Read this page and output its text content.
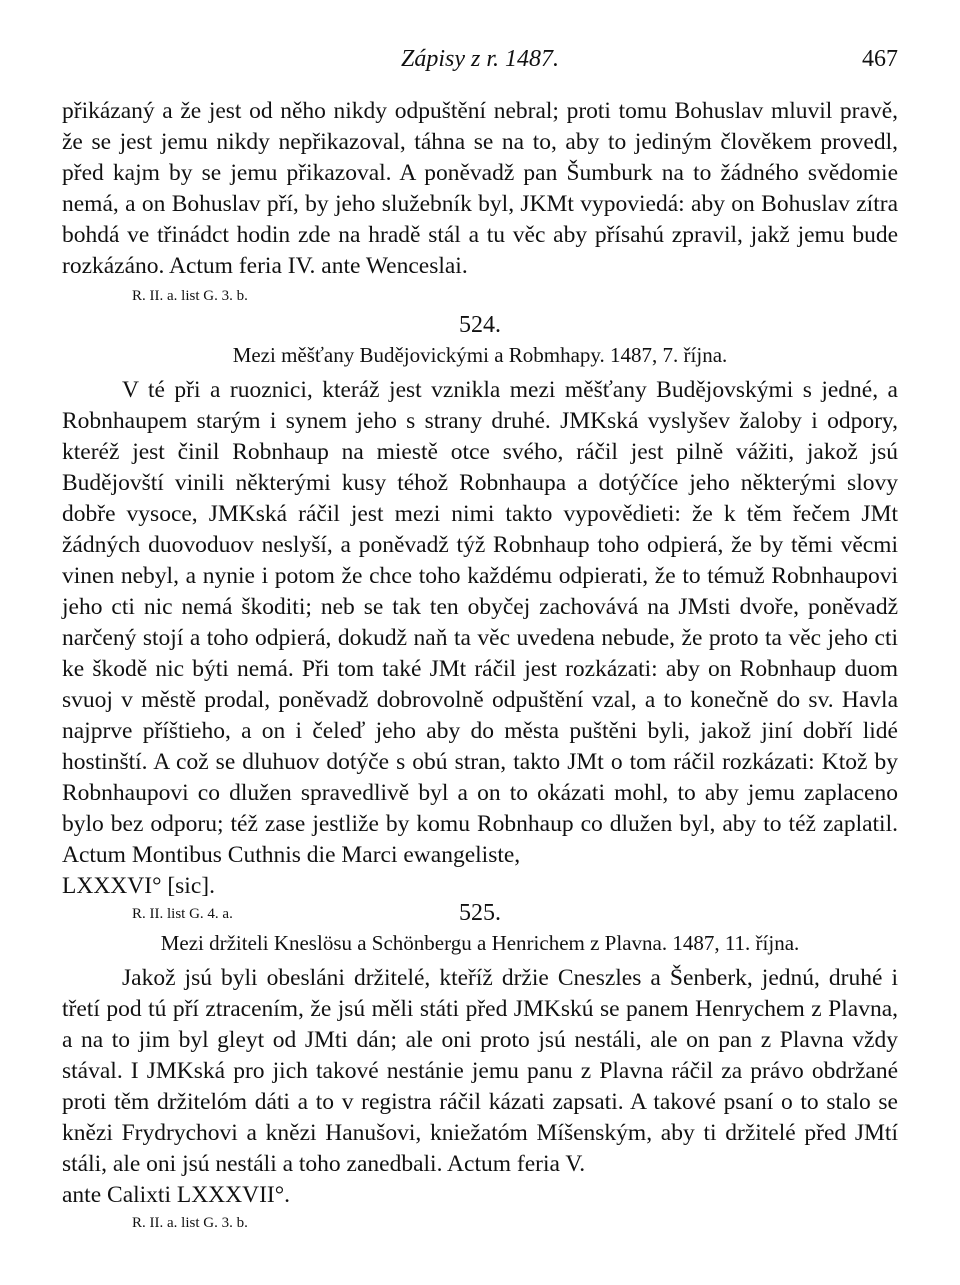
Zápisy z r. 1487.	467

přikázaný a že jest od něho nikdy odpuštění nebral; proti tomu Bohuslav mluvil pravě, že se jest jemu nikdy nepřikazoval, táhna se na to, aby to jediným člověkem provedl, před kajm by se jemu přikazoval. A poněvadž pan Šumburk na to žádného svědomie nemá, a on Bohuslav pří, by jeho služebník byl, JKMt vypoviedá: aby on Bohuslav zítra bohdá ve třinádct hodin zde na hradě stál a tu věc aby přísahú zpravil, jakž jemu bude rozkázáno. Actum feria IV. ante Wenceslai.

R. II. a. list G. 3. b.

524.

Mezi měšťany Budějovickými a Robmhapy. 1487, 7. října.

V té při a ruoznici, kteráž jest vznikla mezi měšťany Budějovskými s jedné, a Robnhaupem starým i synem jeho s strany druhé. JMKská vyslyšev žaloby i odpory, kteréž jest činil Robnhaup na miestě otce svého, ráčil jest pilně vážiti, jakož jsú Budějovští vinili některými kusy téhož Robnhaupa a dotýčíce jeho některými slovy dobře vysoce, JMKská ráčil jest mezi nimi takto vypovědieti: že k těm řečem JMt žádných duovoduov neslyší, a poněvadž týž Robnhaup toho odpierá, že by těmi věcmi vinen nebyl, a nynie i potom že chce toho každému odpierati, že to témuž Robnhaupovi jeho cti nic nemá škoditi; neb se tak ten obyčej zachovává na JMsti dvoře, poněvadž narčený stojí a toho odpierá, dokudž naň ta věc uvedena nebude, že proto ta věc jeho cti ke škodě nic býti nemá. Při tom také JMt ráčil jest rozkázati: aby on Robnhaup duom svuoj v městě prodal, poněvadž dobrovolně odpuštění vzal, a to konečně do sv. Havla najprve příštieho, a on i čeleď jeho aby do města puštěni byli, jakož jiní dobří lidé hostinští. A což se dluhuov dotýče s obú stran, takto JMt o tom ráčil rozkázati: Ktož by Robnhaupovi co dlužen spravedlivě byl a on to okázati mohl, to aby jemu zaplaceno bylo bez odporu; též zase jestliže by komu Robnhaup co dlužen byl, aby to též zaplatil. Actum Montibus Cuthnis die Marci ewangeliste,

LXXXVI° [sic].

R. II. list G. 4. a.	525.

Mezi držiteli Kneslösu a Schönbergu a Henrichem z Plavna. 1487, 11. října.

Jakož jsú byli obesláni držitelé, kteříž držie Cneszles a Šenberk, jednú, druhé i třetí pod tú pří ztracením, že jsú měli státi před JMKskú se panem Henrychem z Plavna, a na to jim byl gleyt od JMti dán; ale oni proto jsú nestáli, ale on pan z Plavna vždy stával. I JMKská pro jich takové nestánie jemu panu z Plavna ráčil za právo obdržané proti těm držitelóm dáti a to v registra ráčil kázati zapsati. A takové psaní o to stalo se knězi Frydrychovi a knězi Hanušovi, kniežatóm Míšenským, aby ti držitelé před JMtí stáli, ale oni jsú nestáli a toho zanedbali. Actum feria V.

ante Calixti LXXXVII°.

R. II. a. list G. 3. b.
